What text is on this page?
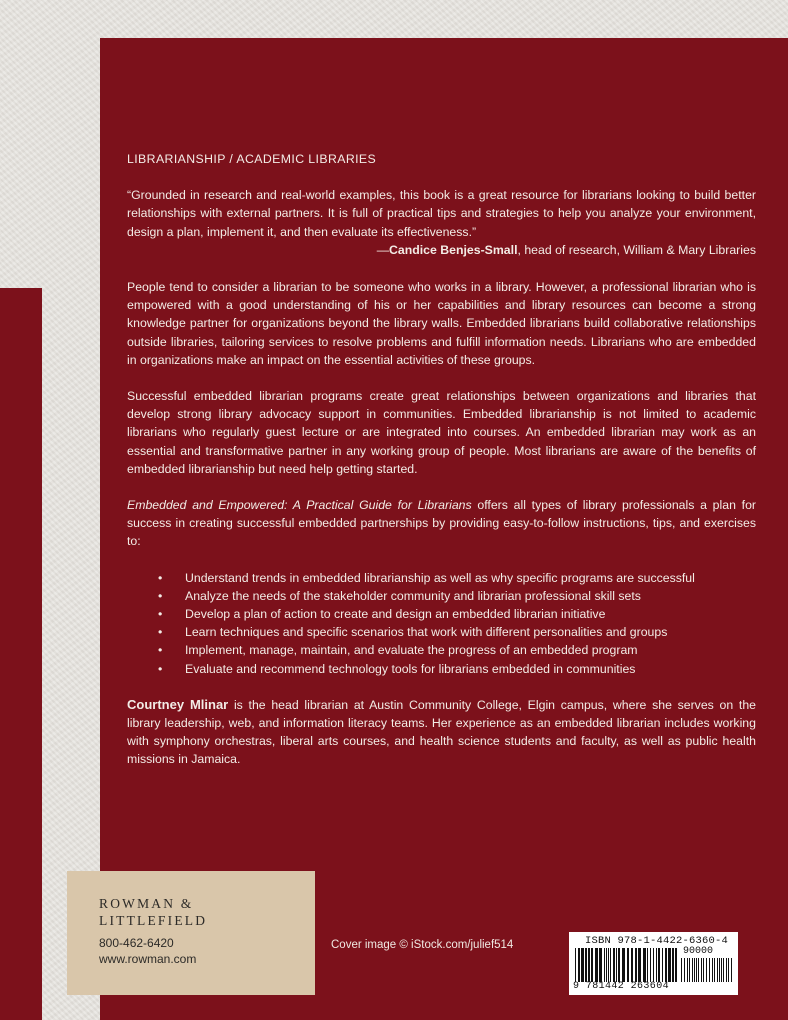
LIBRARIANSHIP / ACADEMIC LIBRARIES

“Grounded in research and real-world examples, this book is a great resource for librarians looking to build better relationships with external partners. It is full of practical tips and strategies to help you analyze your environment, design a plan, implement it, and then evaluate its effectiveness.”

—Candice Benjes-Small, head of research, William & Mary Libraries

People tend to consider a librarian to be someone who works in a library. However, a professional librarian who is empowered with a good understanding of his or her capabilities and library resources can become a strong knowledge partner for organizations beyond the library walls. Embedded librarians build collaborative relationships outside libraries, tailoring services to resolve problems and fulfill information needs. Librarians who are embedded in organizations make an impact on the essential activities of these groups.

Successful embedded librarian programs create great relationships between organizations and libraries that develop strong library advocacy support in communities. Embedded librarianship is not limited to academic librarians who regularly guest lecture or are integrated into courses. An embedded librarian may work as an essential and transformative partner in any working group of people. Most librarians are aware of the benefits of embedded librarianship but need help getting started.

Embedded and Empowered: A Practical Guide for Librarians offers all types of library professionals a plan for success in creating successful embedded partnerships by providing easy-to-follow instructions, tips, and exercises to:

• Understand trends in embedded librarianship as well as why specific programs are successful
• Analyze the needs of the stakeholder community and librarian professional skill sets
• Develop a plan of action to create and design an embedded librarian initiative
• Learn techniques and specific scenarios that work with different personalities and groups
• Implement, manage, maintain, and evaluate the progress of an embedded program
• Evaluate and recommend technology tools for librarians embedded in communities

Courtney Mlinar is the head librarian at Austin Community College, Elgin campus, where she serves on the library leadership, web, and information literacy teams. Her experience as an embedded librarian includes working with symphony orchestras, liberal arts courses, and health science students and faculty, as well as public health missions in Jamaica.

ROWMAN &
LITTLEFIELD
800-462-6420
www.rowman.com
Cover image © iStock.com/julief514	ISBN 978-1-4422-6360-4
90000
9 781442 263604
